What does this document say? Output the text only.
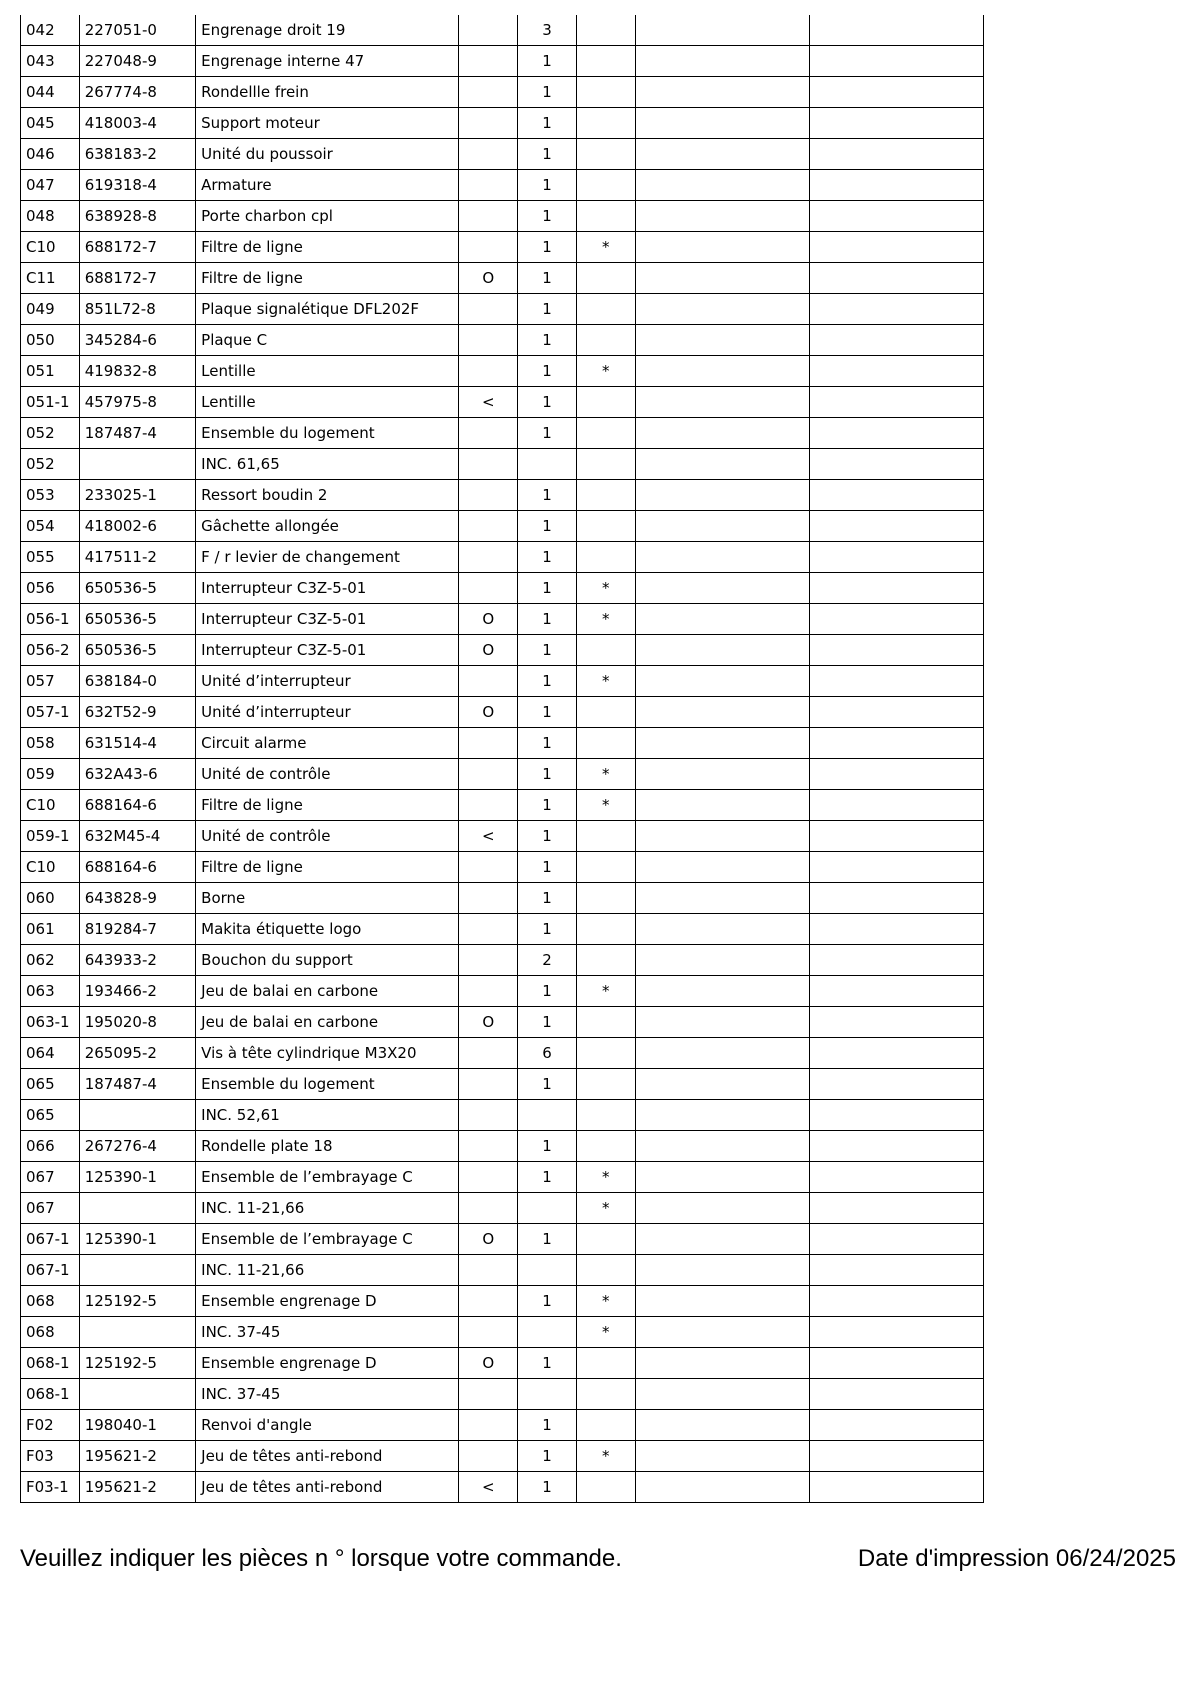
042	227051-0	Engrenage droit 19		3			
043	227048-9	Engrenage interne 47		1			
044	267774-8	Rondellle frein		1			
045	418003-4	Support moteur		1			
046	638183-2	Unité du poussoir		1			
047	619318-4	Armature		1			
048	638928-8	Porte charbon cpl		1			
C10	688172-7	Filtre de ligne		1	*		
C11	688172-7	Filtre de ligne	O	1			
049	851L72-8	Plaque signalétique DFL202F		1			
050	345284-6	Plaque C		1			
051	419832-8	Lentille		1	*		
051-1	457975-8	Lentille	<	1			
052	187487-4	Ensemble du logement		1			
052		INC. 61,65					
053	233025-1	Ressort boudin 2		1			
054	418002-6	Gâchette allongée		1			
055	417511-2	F / r levier de changement		1			
056	650536-5	Interrupteur C3Z-5-01		1	*		
056-1	650536-5	Interrupteur C3Z-5-01	O	1	*		
056-2	650536-5	Interrupteur C3Z-5-01	O	1			
057	638184-0	Unité d’interrupteur		1	*		
057-1	632T52-9	Unité d’interrupteur	O	1			
058	631514-4	Circuit alarme		1			
059	632A43-6	Unité de contrôle		1	*		
C10	688164-6	Filtre de ligne		1	*		
059-1	632M45-4	Unité de contrôle	<	1			
C10	688164-6	Filtre de ligne		1			
060	643828-9	Borne		1			
061	819284-7	Makita étiquette logo		1			
062	643933-2	Bouchon du support		2			
063	193466-2	Jeu de balai en carbone		1	*		
063-1	195020-8	Jeu de balai en carbone	O	1			
064	265095-2	Vis à tête cylindrique M3X20		6			
065	187487-4	Ensemble du logement		1			
065		INC. 52,61					
066	267276-4	Rondelle plate 18		1			
067	125390-1	Ensemble de l’embrayage C		1	*		
067		INC. 11-21,66			*		
067-1	125390-1	Ensemble de l’embrayage C	O	1			
067-1		INC. 11-21,66					
068	125192-5	Ensemble engrenage D		1	*		
068		INC. 37-45			*		
068-1	125192-5	Ensemble engrenage D	O	1			
068-1		INC. 37-45					
F02	198040-1	Renvoi d'angle		1			
F03	195621-2	Jeu de têtes anti-rebond		1	*		
F03-1	195621-2	Jeu de têtes anti-rebond	<	1			
Veuillez indiquer les pièces n ° lorsque votre commande.	Date d'impression 06/24/2025
